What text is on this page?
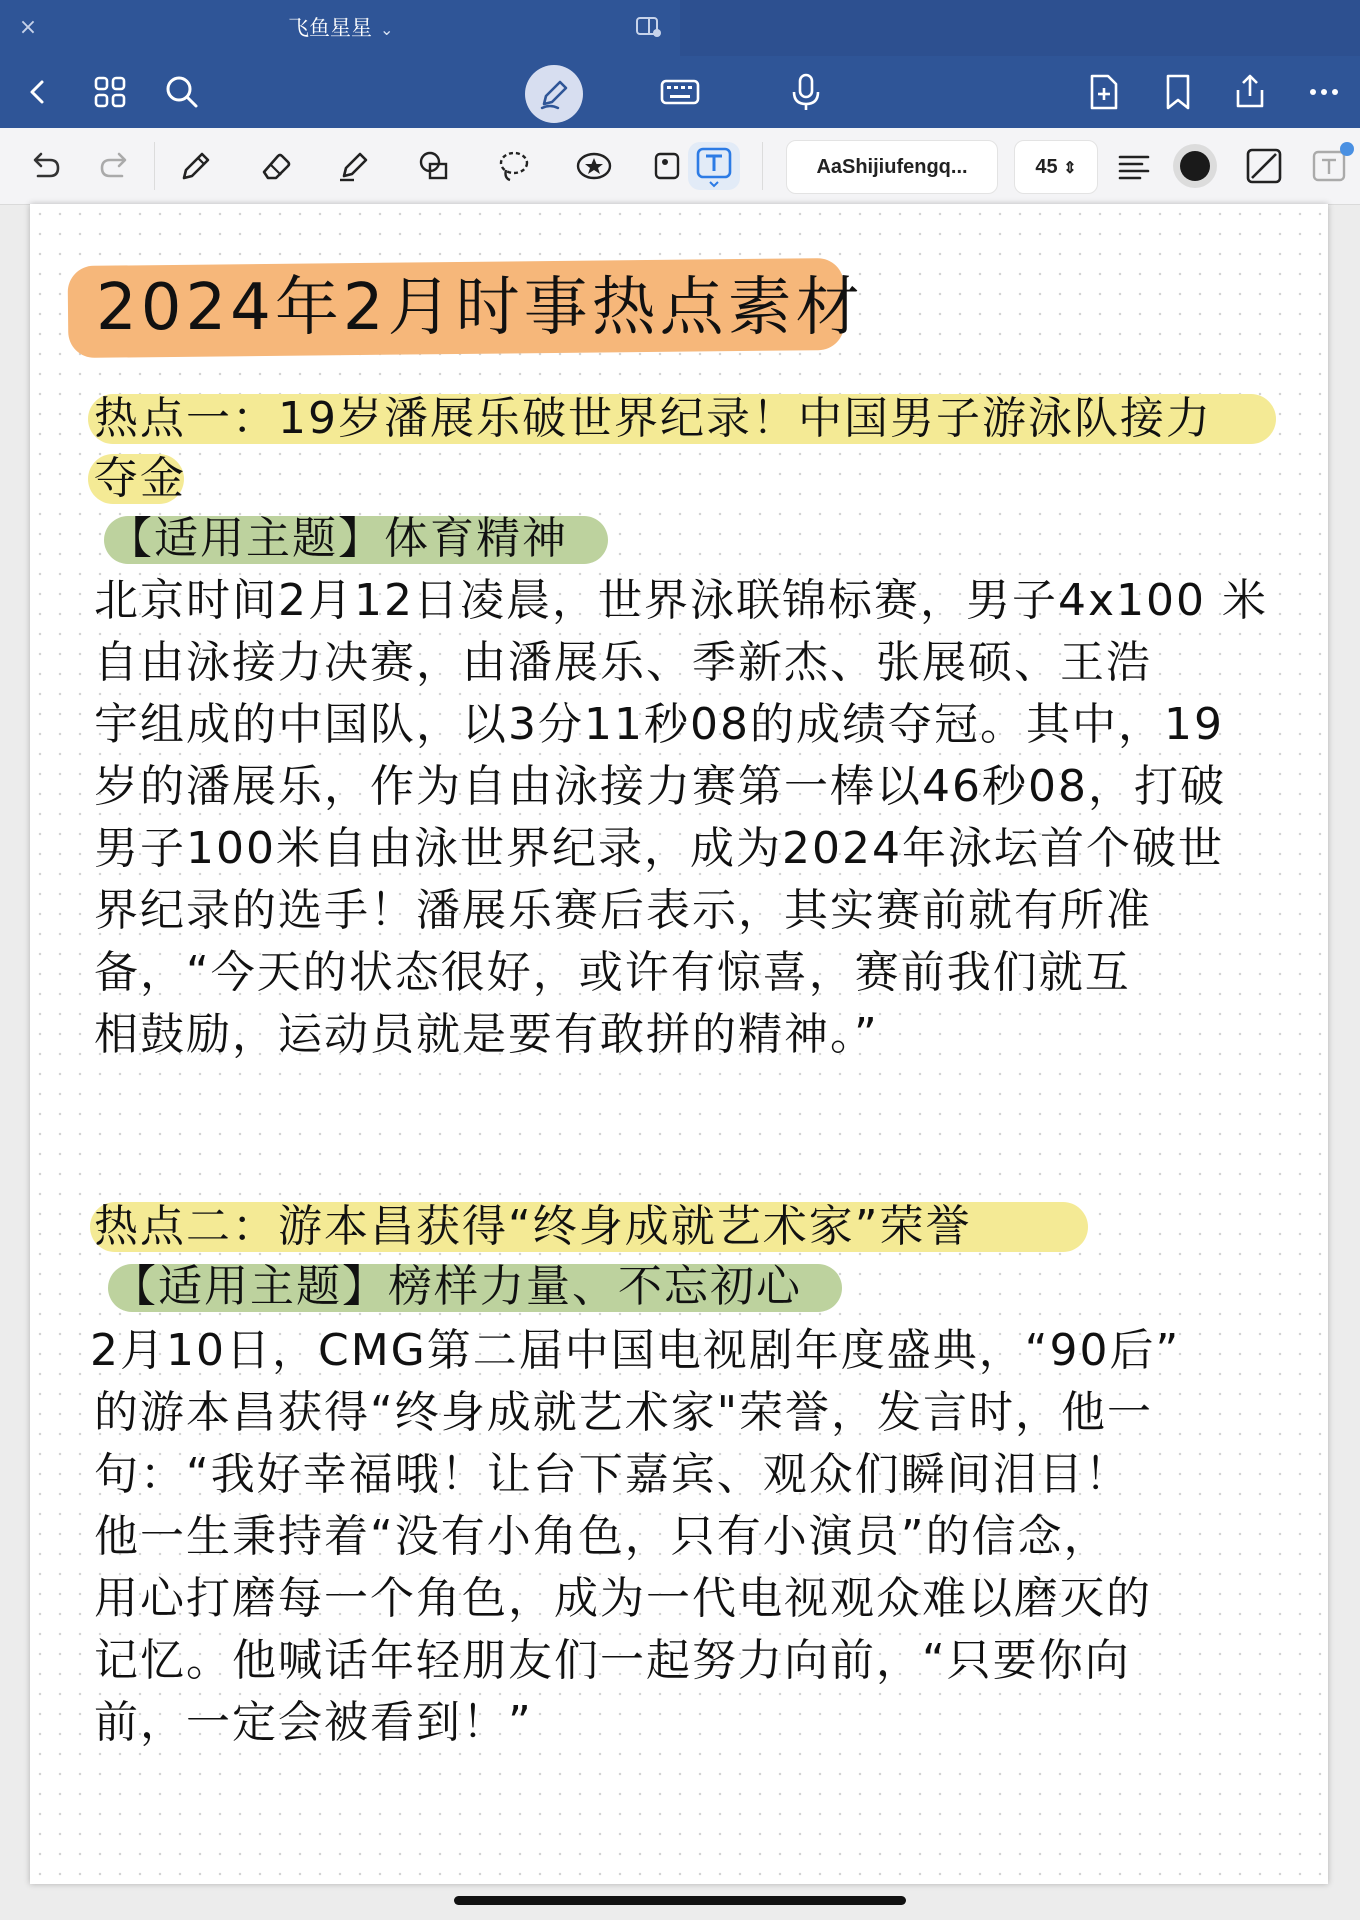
×	飞鱼星星 ⌄
AaShijiufengq...	45 ⇕
2024年2月时事热点素材
热点一：19岁潘展乐破世界纪录！中国男子游泳队接力
夺金
【适用主题】体育精神
北京时间2月12日凌晨，世界泳联锦标赛，男子4x100 米
自由泳接力决赛，由潘展乐、季新杰、张展硕、王浩
宇组成的中国队，以3分11秒08的成绩夺冠。其中，19
岁的潘展乐，作为自由泳接力赛第一棒以46秒08，打破
男子100米自由泳世界纪录，成为2024年泳坛首个破世
界纪录的选手！潘展乐赛后表示，其实赛前就有所准
备，“今天的状态很好，或许有惊喜，赛前我们就互
相鼓励，运动员就是要有敢拼的精神。”
热点二：游本昌获得“终身成就艺术家”荣誉
【适用主题】榜样力量、不忘初心
2月10日，CMG第二届中国电视剧年度盛典，“90后”
的游本昌获得“终身成就艺术家"荣誉，发言时，他一
句：“我好幸福哦！让台下嘉宾、观众们瞬间泪目！
他一生秉持着“没有小角色，只有小演员”的信念，
用心打磨每一个角色，成为一代电视观众难以磨灭的
记忆。他喊话年轻朋友们一起努力向前，“只要你向
前，一定会被看到！”
